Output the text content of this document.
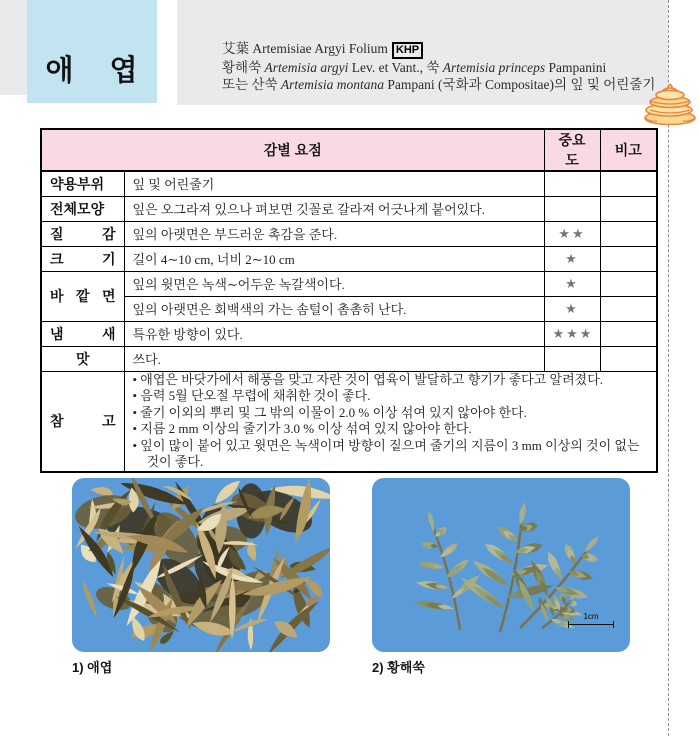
애 엽
艾葉 Artemisiae Argyi Folium KHP
황해쑥 Artemisia argyi Lev. et Vant., 쑥 Artemisia princeps Pampanini
또는 산쑥 Artemisia montana Pampani (국화과 Compositae)의 잎 및 어린줄기
감별 요점		중요도	비고
약용부위	잎 및 어린줄기		
전체모양	잎은 오그라져 있으나 펴보면 깃꼴로 갈라져 어긋나게 붙어있다.		
질 감	잎의 아랫면은 부드러운 촉감을 준다.	★★	
크 기	길이 4∼10 cm, 너비 2∼10 cm	★	
바 깥 면	잎의 윗면은 녹색∼어두운 녹갈색이다.	★	
	잎의 아랫면은 회백색의 가는 솜털이 촘촘히 난다.	★	
냄 새	특유한 방향이 있다.	★★★	
맛	쓰다.		
참 고	
• 애엽은 바닷가에서 해풍을 맞고 자란 것이 엽육이 발달하고 향기가 좋다고 알려졌다.
• 음력 5월 단오절 무렵에 채취한 것이 좋다.
• 줄기 이외의 뿌리 및 그 밖의 이물이 2.0 % 이상 섞여 있지 않아야 한다.
• 지름 2 mm 이상의 줄기가 3.0 % 이상 섞여 있지 않아야 한다.
• 잎이 많이 붙어 있고 윗면은 녹색이며 방향이 짙으며 줄기의 지름이 3 mm 이상의 것이 없는 것이 좋다.
1cm
1) 애엽	2) 황해쑥
